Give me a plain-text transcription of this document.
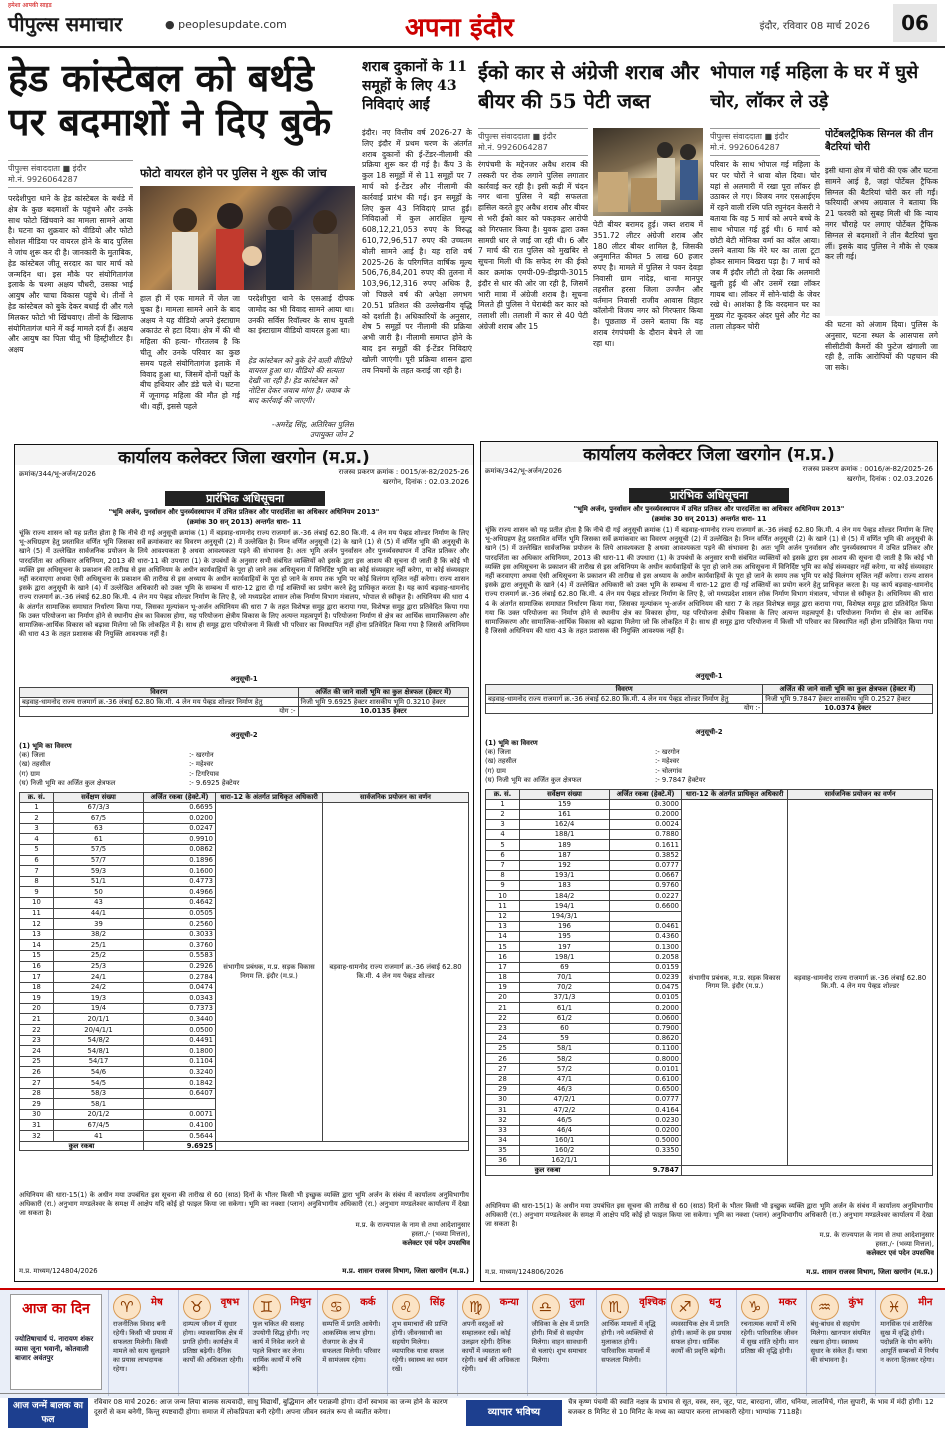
हमेशा आपकी साइड
पीपुल्स समाचार	● peoplesupdate.com	अपना इंदौर	इंदौर, रविवार 08 मार्च 2026	06
हेड कांस्टेबल को बर्थडे पर बदमाशों ने दिए बुके
पीपुल्स संवाददाता ■ इंदौर
मो.नं. 9926064287	फोटो वायरल होने पर पुलिस ने शुरू की जांच
परदेशीपुरा थाने के हेड कांस्टेबल के बर्थडे में क्षेत्र के कुछ बदमाशों के पहुंचने और उनके साथ फोटो खिंचवाने का मामला सामने आया है। घटना का शुक्रवार को वीडियो और फोटो सोशल मीडिया पर वायरल होने के बाद पुलिस ने जांच शुरू कर दी है। जानकारी के मुताबिक, हेड कांस्टेबल जीतू सरदार का चार मार्च को जन्मदिन था। इस मौके पर संयोगितागंज इलाके के चश्मा अक्षय चौधरी, उसका भाई आयुष और चाचा विकास पहुंचे थे। तीनों ने हेड कांस्टेबल को बुके देकर बधाई दी और गले मिलकर फोटो भी खिंचवाए। तीनों के खिलाफ संयोगितागंज थाने में कई मामले दर्ज हैं। अक्षय और आयुष का पिता चीतू भी हिस्ट्रीशीटर है। अक्षय
हाल ही में एक मामले में जेल जा चुका है। मामला सामने आने के बाद अक्षय ने यह वीडियो अपने इंस्टाग्राम अकाउंट से हटा दिया। क्षेत्र में की थी महिला की हत्या- गौरतलब है कि चीतू और उनके परिवार का कुछ समय पहले संयोगितागंज इलाके में विवाद हुआ था, जिसमें दोनों पक्षों के बीच हथियार और डंडे चले थे। घटना में जूनागढ़ महिला की मौत हो गई थी। वहीं, इससे पहले
परदेशीपुरा थाने के एसआई दीपक जामोद का भी विवाद सामने आया था। उनकी सर्विस रिवॉल्वर के साथ युवती का इंस्टाग्राम वीडियो वायरल हुआ था।
हेड कांस्टेबल को बुके देने वाली वीडियो वायरल हुआ था। वीडियो की सत्यता देखी जा रही है। हेड कांस्टेबल को नोटिस देकर जवाब मांगा है। जवाब के बाद कार्रवाई की जाएगी।
-अमरेंद्र सिंह, अतिरिक्त पुलिस उपायुक्त जोन 2
शराब दुकानों के 11 समूहों के लिए 43 निविदाएं आईं
इंदौर। नए वित्तीय वर्ष 2026-27 के लिए इंदौर में प्रथम चरण के अंतर्गत शराब दुकानों की ई-टेंडर-नीलामी की प्रक्रिया शुरू कर दी गई है। कैंप 3 के कुल 18 समूहों में से 11 समूहों पर 7 मार्च को ई-टेंडर और नीलामी की कार्रवाई प्रारंभ की गई। इन समूहों के लिए कुल 43 निविदाएं प्राप्त हुईं। निविदाओं में कुल आरक्षित मूल्य 608,12,21,053 रुपए के विरुद्ध 610,72,96,517 रुपए की उच्चतम बोली सामने आई है। यह राशि वर्ष 2025-26 के परिगणित वार्षिक मूल्य 506,76,84,201 रुपए की तुलना में 103,96,12,316 रुपए अधिक है, जो पिछले वर्ष की अपेक्षा लगभग 20.51 प्रतिशत की उल्लेखनीय वृद्धि को दर्शाती है। अधिकारियों के अनुसार, शेष 5 समूहों पर नीलामी की प्रक्रिया अभी जारी है। नीलामी समाप्त होने के बाद इन समूहों की ई-टेंडर निविदाएं खोली जाएंगी। पूरी प्रक्रिया शासन द्वारा तय नियमों के तहत कराई जा रही है।
ईको कार से अंग्रेजी शराब और बीयर की 55 पेटी जब्त
पीपुल्स संवाददाता ■ इंदौर
मो.नं. 9926064287
रंगपंचमी के मद्देनजर अवैध शराब की तस्करी पर रोक लगाने पुलिस लगातार कार्रवाई कर रही है। इसी कड़ी में चंदन नगर थाना पुलिस ने बड़ी सफलता हासिल करते हुए अवैध शराब और बीयर से भरी ईको कार को पकड़कर आरोपी को गिरफ्तार किया है। युवक द्वारा उक्त सामग्री धार ले जाई जा रही थी। 6 और 7 मार्च की रात पुलिस को मुखबिर से सूचना मिली थी कि सफेद रंग की ईको कार क्रमांक एमपी-09-डीझपी-3015 इंदौर से धार की ओर जा रही है, जिसमें भारी मात्रा में अंग्रेजी शराब है। सूचना मिलते ही पुलिस ने घेराबंदी कर कार को तलाशी ली। तलाशी में कार से 40 पेटी अंग्रेजी शराब और 15
पेटी बीयर बरामद हुई। जब्त शराब में 351.72 लीटर अंग्रेजी शराब और 180 लीटर बीयर शामिल है, जिसकी अनुमानित कीमत 5 लाख 60 हजार रुपए है। मामले में पुलिस ने पवन देवड़ा निवासी ग्राम नांदेड़, थाना मानपुर तहसील हरसा जिला उज्जैन और वर्तमान निवासी राजीव आवास विहार कॉलोनी विजय नगर को गिरफ्तार किया है। पूछताछ में उसने बताया कि यह शराब रंगपंचमी के दौरान बेचने ले जा रहा था।
भोपाल गई महिला के घर में घुसे चोर, लॉकर ले उड़े
पीपुल्स संवाददाता ■ इंदौर
मो.नं. 9926064287
परिवार के साथ भोपाल गई महिला के घर पर चोरों ने धावा बोल दिया। चोर यहां से अलमारी में रखा पूरा लॉकर ही उठाकर ले गए। विजय नगर एसआईएम में रहने वाली रश्मि पति रघुनंदन केसरी ने बताया कि वह 5 मार्च को अपने बच्चे के साथ भोपाल गई हुई थी। 6 मार्च को छोटी बेटी मोनिका वर्मा का कॉल आया। उसने बताया कि मेरे घर का ताला टूटा होकर सामान बिखरा पड़ा है। 7 मार्च को जब मैं इंदौर लौटी तो देखा कि अलमारी खुली हुई थी और उसमें रखा लॉकर गायब था। लॉकर में सोने-चांदी के जेवर रखे थे। आशंका है कि वरदमान घर का मुख्य गेट कूदकर अंदर घुसे और गेट का ताला तोड़कर चोरी
पोर्टेबलट्रैफिक सिग्नल की तीन बैटरियां चोरी
इसी थाना क्षेत्र में चोरी की एक और घटना सामने आई है, जहां पोर्टेबल ट्रैफिक सिग्नल की बैटरियां चोरी कर ली गईं। फरियादी अभय अग्रवाल ने बताया कि 21 फरवरी को सुबह मिली थी कि न्याय नगर चौराहे पर लगाए पोर्टेबल ट्रैफिक सिग्नल से बदमाशों ने तीन बैटरियां चुरा लीं। इसके बाद पुलिस ने मौके से एकत्र कर ली गई।
की घटना को अंजाम दिया। पुलिस के अनुसार, घटना स्थल के आसपास लगे सीसीटीवी कैमरों की फुटेज खंगाली जा रही है, ताकि आरोपियों की पहचान की जा सके।
कार्यालय कलेक्टर जिला खरगोन (म.प्र.)
क्रमांक/344/भू-अर्जन/2026	राजस्व प्रकरण क्रमांक : 0015/अ-82/2025-26
खरगोन, दिनांक : 02.03.2026
प्रारंभिक अधिसूचना
"भूमि अर्जन, पुनर्वासन और पुनर्व्यवस्थापन में उचित प्रतिकर और पारदर्शिता का अधिकार अधिनियम 2013"
(क्रमांक 30 सन् 2013) अन्तर्गत धारा- 11
चूंकि राज्य शासन को यह प्रतीत होता है कि नीचे दी गई अनुसूची क्रमांक (1) में बड़वाह-धामनोद राज्य राजमार्ग क्र.-36 लंबाई 62.80 कि.मी. 4 लेन मय पेव्हड शोल्डर निर्माण के लिए भू-अधिग्रहण हेतु प्रस्तावित वर्णित भूमि जिसका सर्वे क्रमांकवार का विवरण अनुसूची (2) में उल्लेखित है। निम्न वर्णित अनुसूची (2) के खाने (1) से (5) में वर्णित भूमि की अनुसूची के खाने (5) में उल्लेखित सार्वजनिक प्रयोजन के लिये आवश्यकता है अथवा आवश्यकता पड़ने की संभावना है। अतः भूमि अर्जन पुनर्वासन और पुनर्व्यवस्थापन में उचित प्रतिकर और पारदर्शिता का अधिकार अधिनियम, 2013 की धारा-11 की उपधारा (1) के उपबंधों के अनुसार सभी संबंधित व्यक्तियों को इसके द्वारा इस आशय की सूचना दी जाती है कि कोई भी व्यक्ति इस अधिसूचना के प्रकाशन की तारीख से इस अधिनियम के अधीन कार्यवाहियों के पूरा हो जाने तक अधिसूचना में विनिर्दिष्ट भूमि का कोई संव्यवहार नहीं करेगा, या कोई संव्यवहार नहीं करवाएगा अथवा ऐसी अधिसूचना के प्रकाशन की तारीख से इस अध्याय के अधीन कार्यवाहियों के पूरा हो जाने के समय तक भूमि पर कोई विलंगम सृजित नहीं करेगा। राज्य शासन इसके द्वारा अनुसूची के खाने (4) में उल्लेखित अधिकारी को उक्त भूमि के सम्बन्ध में धारा-12 द्वारा दी गई शक्तियों का प्रयोग करने हेतु प्राधिकृत करता है। यह कार्य बड़वाह-धामनोद राज्य राजमार्ग क्र.-36 लंबाई 62.80 कि.मी. 4 लेन मय पेव्हड शोल्डर निर्माण के लिए है, जो मध्यप्रदेश शासन लोक निर्माण विभाग मंत्रालय, भोपाल से स्वीकृत है। अधिनियम की धारा 4 के अंतर्गत सामाजिक समाघात निर्धारण किया गया, जिसका मूल्यांकन भू-अर्जन अधिनियम की धारा 7 के तहत विशेषज्ञ समूह द्वारा कराया गया, विशेषज्ञ समूह द्वारा प्रतिवेदित किया गया कि उक्त परियोजना का निर्माण होने से स्थानीय क्षेत्र का विकास होगा, यह परियोजना क्षेत्रीय विकास के लिए अत्यन्त महत्वपूर्ण है। परियोजना निर्माण से क्षेत्र का आर्थिक सामाजिकरण और सामाजिक-आर्थिक विकास को बढ़ावा मिलेगा जो कि लोकहित में है। साथ ही समूह द्वारा परियोजना में किसी भी परिवार का विस्थापित नहीं होना प्रतिवेदित किया गया है जिससे अधिनियम की धारा 43 के तहत प्रशासक की नियुक्ति आवश्यक नहीं है।
अनुसूची-1
विवरण	अर्जित की जाने वाली भूमि का कुल क्षेत्रफल (हेक्टर में)
बड़वाह-धामनोद राज्य राजमार्ग क्र.-36 लंबाई 62.80 कि.मी. 4 लेन मय पेव्हड शोल्डर निर्माण हेतु	निजी भूमि 9.6925 हेक्टर शासकीय भूमि 0.3210 हेक्टर
योग :-	10.0135 हेक्टर
अनुसूची-2
(1) भूमि का विवरण
(क) जिला	:- खरगोन
(ख) तहसील	:- महेश्वर
(ग) ग्राम	:- टिगरियाव
(घ) निजी भूमि का अर्जित कुल क्षेत्रफल	:- 9.6925 हेक्टेयर
क्र. सं.	सर्वेक्षण संख्या	अर्जित रकबा (हेक्टे.में)	धारा-12 के अंतर्गत प्राधिकृत अधिकारी	सार्वजनिक प्रयोजन का वर्णन
1	67/3/3	0.6695	संभागीय प्रबंधक, म.प्र. सड़क विकास निगम लि. इंदौर (म.प्र.)	बड़वाह-धामनोद राज्य राजमार्ग क्र.-36 लंबाई 62.80 कि.मी. 4 लेन मय पेव्हड शोल्डर
2	67/5	0.0200		
3	63	0.0247		
4	61	0.9910		
5	57/5	0.0862		
6	57/7	0.1896		
7	59/3	0.1600		
8	51/1	0.4773		
9	50	0.4966		
10	43	0.4642		
11	44/1	0.0505		
12	39	0.2560		
13	38/2	0.3033		
14	25/1	0.3760		
15	25/2	0.5583		
16	25/3	0.2926		
17	24/1	0.2784		
18	24/2	0.0474		
19	19/3	0.0343		
20	19/4	0.7373		
21	20/1/1	0.3440		
22	20/4/1/1	0.0500		
23	54/8/2	0.4491		
24	54/8/1	0.1800		
25	54/17	0.1104		
26	54/6	0.3240		
27	54/5	0.1842		
28	58/3	0.6407		
29	58/1			
30	20/1/2	0.0071		
31	67/4/5	0.4100		
32	41	0.5644		
कुल रकबा		9.6925		
अधिनियम की धारा-15(1) के अधीन मया उपबंधित इस सूचना की तारीख से 60 (साठ) दिनों के भीतर किसी भी इच्छुक व्यक्ति द्वारा भूमि अर्जन के संबंध में कार्यालय अनुविभागीय अधिकारी (रा.) अनुभाग मण्डलेश्वर के समक्ष में आक्षेप यदि कोई हो फाइल किया जा सकेगा। भूमि का नक्शा (प्लान) अनुविभागीय अधिकारी (रा.) अनुभाग मण्डलेश्वर कार्यालय में देखा जा सकता है।
म.प्र. के राज्यपाल के नाम से तथा आदेशानुसार
हस्ता./- (भव्या मित्तल),
कलेक्टर एवं पदेन उपसचिव
म.प्र. माध्यम/124804/2026	म.प्र. शासन राजस्व विभाग, जिला खरगोन (म.प्र.)
कार्यालय कलेक्टर जिला खरगोन (म.प्र.)
क्रमांक/342/भू-अर्जन/2026	राजस्व प्रकरण क्रमांक : 0016/अ-82/2025-26
खरगोन, दिनांक : 02.03.2026
प्रारंभिक अधिसूचना
"भूमि अर्जन, पुनर्वासन और पुनर्व्यवस्थापन में उचित प्रतिकर और पारदर्शिता का अधिकार अधिनियम 2013"
(क्रमांक 30 सन् 2013) अन्तर्गत धारा- 11
चूंकि राज्य शासन को यह प्रतीत होता है कि नीचे दी गई अनुसूची क्रमांक (1) में बड़वाह-धामनोद राज्य राजमार्ग क्र.-36 लंबाई 62.80 कि.मी. 4 लेन मय पेव्हड शोल्डर निर्माण के लिए भू-अधिग्रहण हेतु प्रस्तावित वर्णित भूमि जिसका सर्वे क्रमांकवार का विवरण अनुसूची (2) में उल्लेखित है। निम्न वर्णित अनुसूची (2) के खाने (1) से (5) में वर्णित भूमि की अनुसूची के खाने (5) में उल्लेखित सार्वजनिक प्रयोजन के लिये आवश्यकता है अथवा आवश्यकता पड़ने की संभावना है। अतः भूमि अर्जन पुनर्वासन और पुनर्व्यवस्थापन में उचित प्रतिकर और पारदर्शिता का अधिकार अधिनियम, 2013 की धारा-11 की उपधारा (1) के उपबंधों के अनुसार सभी संबंधित व्यक्तियों को इसके द्वारा इस आशय की सूचना दी जाती है कि कोई भी व्यक्ति इस अधिसूचना के प्रकाशन की तारीख से इस अधिनियम के अधीन कार्यवाहियों के पूरा हो जाने तक अधिसूचना में विनिर्दिष्ट भूमि का कोई संव्यवहार नहीं करेगा, या कोई संव्यवहार नहीं करवाएगा अथवा ऐसी अधिसूचना के प्रकाशन की तारीख से इस अध्याय के अधीन कार्यवाहियों के पूरा हो जाने के समय तक भूमि पर कोई विलंगम सृजित नहीं करेगा। राज्य शासन इसके द्वारा अनुसूची के खाने (4) में उल्लेखित अधिकारी को उक्त भूमि के सम्बन्ध में धारा-12 द्वारा दी गई शक्तियों का प्रयोग करने हेतु प्राधिकृत करता है। यह कार्य बड़वाह-धामनोद राज्य राजमार्ग क्र.-36 लंबाई 62.80 कि.मी. 4 लेन मय पेव्हड शोल्डर निर्माण के लिए है, जो मध्यप्रदेश शासन लोक निर्माण विभाग मंत्रालय, भोपाल से स्वीकृत है। अधिनियम की धारा 4 के अंतर्गत सामाजिक समाघात निर्धारण किया गया, जिसका मूल्यांकन भू-अर्जन अधिनियम की धारा 7 के तहत विशेषज्ञ समूह द्वारा कराया गया, विशेषज्ञ समूह द्वारा प्रतिवेदित किया गया कि उक्त परियोजना का निर्माण होने से स्थानीय क्षेत्र का विकास होगा, यह परियोजना क्षेत्रीय विकास के लिए अत्यन्त महत्वपूर्ण है। परियोजना निर्माण से क्षेत्र का आर्थिक सामाजिकरण और सामाजिक-आर्थिक विकास को बढ़ावा मिलेगा जो कि लोकहित में है। साथ ही समूह द्वारा परियोजना में किसी भी परिवार का विस्थापित नहीं होना प्रतिवेदित किया गया है जिससे अधिनियम की धारा 43 के तहत प्रशासक की नियुक्ति आवश्यक नहीं है।
अनुसूची-1
विवरण	अर्जित की जाने वाली भूमि का कुल क्षेत्रफल (हेक्टर में)
बड़वाह-धामनोद राज्य राजमार्ग क्र.-36 लंबाई 62.80 कि.मी. 4 लेन मय पेव्हड शोल्डर निर्माण हेतु	निजी भूमि 9.7847 हेक्टर शासकीय भूमि 0.2527 हेक्टर
योग :-	10.0374 हेक्टर
अनुसूची-2
(1) भूमि का विवरण
(क) जिला	:- खरगोन
(ख) तहसील	:- महेश्वर
(ग) ग्राम	:- चोलगांव
(घ) निजी भूमि का अर्जित कुल क्षेत्रफल	:- 9.7847 हेक्टेयर
क्र. सं.	सर्वेक्षण संख्या	अर्जित रकबा (हेक्टे.में)	धारा-12 के अंतर्गत प्राधिकृत अधिकारी	सार्वजनिक प्रयोजन का वर्णन
1	159	0.3000	संभागीय प्रबंधक, म.प्र. सड़क विकास निगम लि. इंदौर (म.प्र.)	बड़वाह-धामनोद राज्य राजमार्ग क्र.-36 लंबाई 62.80 कि.मी. 4 लेन मय पेव्हड शोल्डर
2	161	0.2000		
3	162/4	0.0024		
4	188/1	0.7880		
5	189	0.1611		
6	187	0.3852		
7	192	0.0777		
8	193/1	0.0667		
9	183	0.9760		
10	184/2	0.0227		
11	194/1	0.6600		
12	194/3/1			
13	196	0.0461		
14	195	0.4360		
15	197	0.1300		
16	198/1	0.2058		
17	69	0.0159		
18	70/1	0.0239		
19	70/2	0.0475		
20	37/1/3	0.0105		
21	61/1	0.2000		
22	61/2	0.0600		
23	60	0.7900		
24	59	0.8620		
25	58/1	0.1100		
26	58/2	0.8000		
27	57/2	0.0101		
28	47/1	0.6100		
29	46/3	0.6500		
30	47/2/1	0.0777		
31	47/2/2	0.4164		
32	46/5	0.0230		
33	46/4	0.0200		
34	160/1	0.5000		
35	160/2	0.3350		
36	162/1/1			
कुल रकबा		9.7847		
अधिनियम की धारा-15(1) के अधीन मया उपबंधित इस सूचना की तारीख से 60 (साठ) दिनों के भीतर किसी भी इच्छुक व्यक्ति द्वारा भूमि अर्जन के संबंध में कार्यालय अनुविभागीय अधिकारी (रा.) अनुभाग मण्डलेश्वर के समक्ष में आक्षेप यदि कोई हो फाइल किया जा सकेगा। भूमि का नक्शा (प्लान) अनुविभागीय अधिकारी (रा.) अनुभाग मण्डलेश्वर कार्यालय में देखा जा सकता है।
म.प्र. के राज्यपाल के नाम से तथा आदेशानुसार
हस्ता./- (भव्या मित्तल),
कलेक्टर एवं पदेन उपसचिव
म.प्र. माध्यम/124806/2026	म.प्र. शासन राजस्व विभाग, जिला खरगोन (म.प्र.)
आज का दिन
ज्योतिषाचार्य पं. नारायण शंकर व्यास जूना भवानी, कोतवाली बाजार अवंतपुर
♈	मेष
राजनीतिक विवाद बनी रहेगी। किसी भी प्रयास में सफलता मिलेगी। किसी मामले को सत्य सुलझाने का प्रयास लाभदायक रहेगा।
♉	वृषभ
दाम्पत्य जीवन में सुधार होगा। व्यावसायिक क्षेत्र में प्रगति होगी। कार्यक्षेत्र में प्रतिष्ठा बढ़ेगी। दैनिक कार्यों की अधिकता रहेगी।
♊	मिथुन
फूल चकित की सलाह उपयोगी सिद्ध होगी। नए कार्य में निवेश करने से पहले विचार कर लेना। धार्मिक कार्यों में रुचि बढ़ेगी।
♋	कर्क
सम्पत्ति में प्रगति आयेगी। आकस्मिक लाभ होगा। रोजगार के क्षेत्र में सफलता मिलेगी। परिवार में सामंजस्य रहेगा।
♌	सिंह
शुभ समाचारों की प्राप्ति होगी। जीवनसाथी का सहयोग मिलेगा। व्यापारिक यात्रा सफल रहेगी। स्वास्थ्य का ध्यान रखें।
♍	कन्या
अपनी वस्तुओं को सम्हालकर रखें। कोई उलझन रहेगी। दैनिक कार्यों में व्यस्तता बनी रहेगी। खर्च की अधिकता रहेगी।
♎	तुला
जीविका के क्षेत्र में प्रगति होगी। मित्रों से सहयोग मिलेगा। वाहन सावधानी से चलाएं। शुभ समाचार मिलेगा।
♏	वृश्चिक
आर्थिक मामलों में वृद्धि होगी। नये व्यक्तियों से मुलाकात होगी। पारिवारिक मामलों में सफलता मिलेगी।
♐	धनु
व्यवसायिक क्षेत्र में प्रगति होगी। कामों के इस प्रयास सफल होगा। धार्मिक कार्यों की प्रवृत्ति बढ़ेगी।
♑	मकर
रचनात्मक कार्यों में रुचि रहेगी। पारिवारिक जीवन में सुख शांति रहेगी। मान प्रतिष्ठा की वृद्धि होगी।
♒	कुंभ
बंधु-बांधव से सहयोग मिलेगा। खानपान संयमित रखना होगा। स्वास्थ्य सुधार के संकेत हैं। यात्रा की संभावना है।
♓	मीन
मानसिक एवं शारीरिक सुख में वृद्धि होगी। पदोन्नति के योग बनेंगे। आपूर्ति सम्बन्धों में निर्णय न करना हितकर रहेगा।
आज जन्में बालक का फल
रविवार 08 मार्च 2026: आज जन्म लिया बालक सत्यवादी, साधु विद्यार्थी, बुद्धिमान और पराक्रमी होगा। दोनों स्वभाव का जन्म होने के कारण दूसरों से कम बनेगी, किन्तु स्पष्टवादी होगा। समाज में लोकप्रियता बनी रहेगी। अपना जीवन स्वतंत्र रूप से व्यतीत करेगा।	व्यापार भविष्य
चैत्र कृष्ण पंचमी की स्वाति नक्षत्र के प्रभाव से सूत, वस्त्र, सन, जूट, पाट, बारदाना, जीरा, धनिया, लालमिर्च, गोल सुपारी, के भाव में मंदी होगी। 12 बजकर 8 मिनिट से 10 मिनिट के मध्य का व्यापार करना लाभकारी रहेगा। भाग्यांक 7118है।
